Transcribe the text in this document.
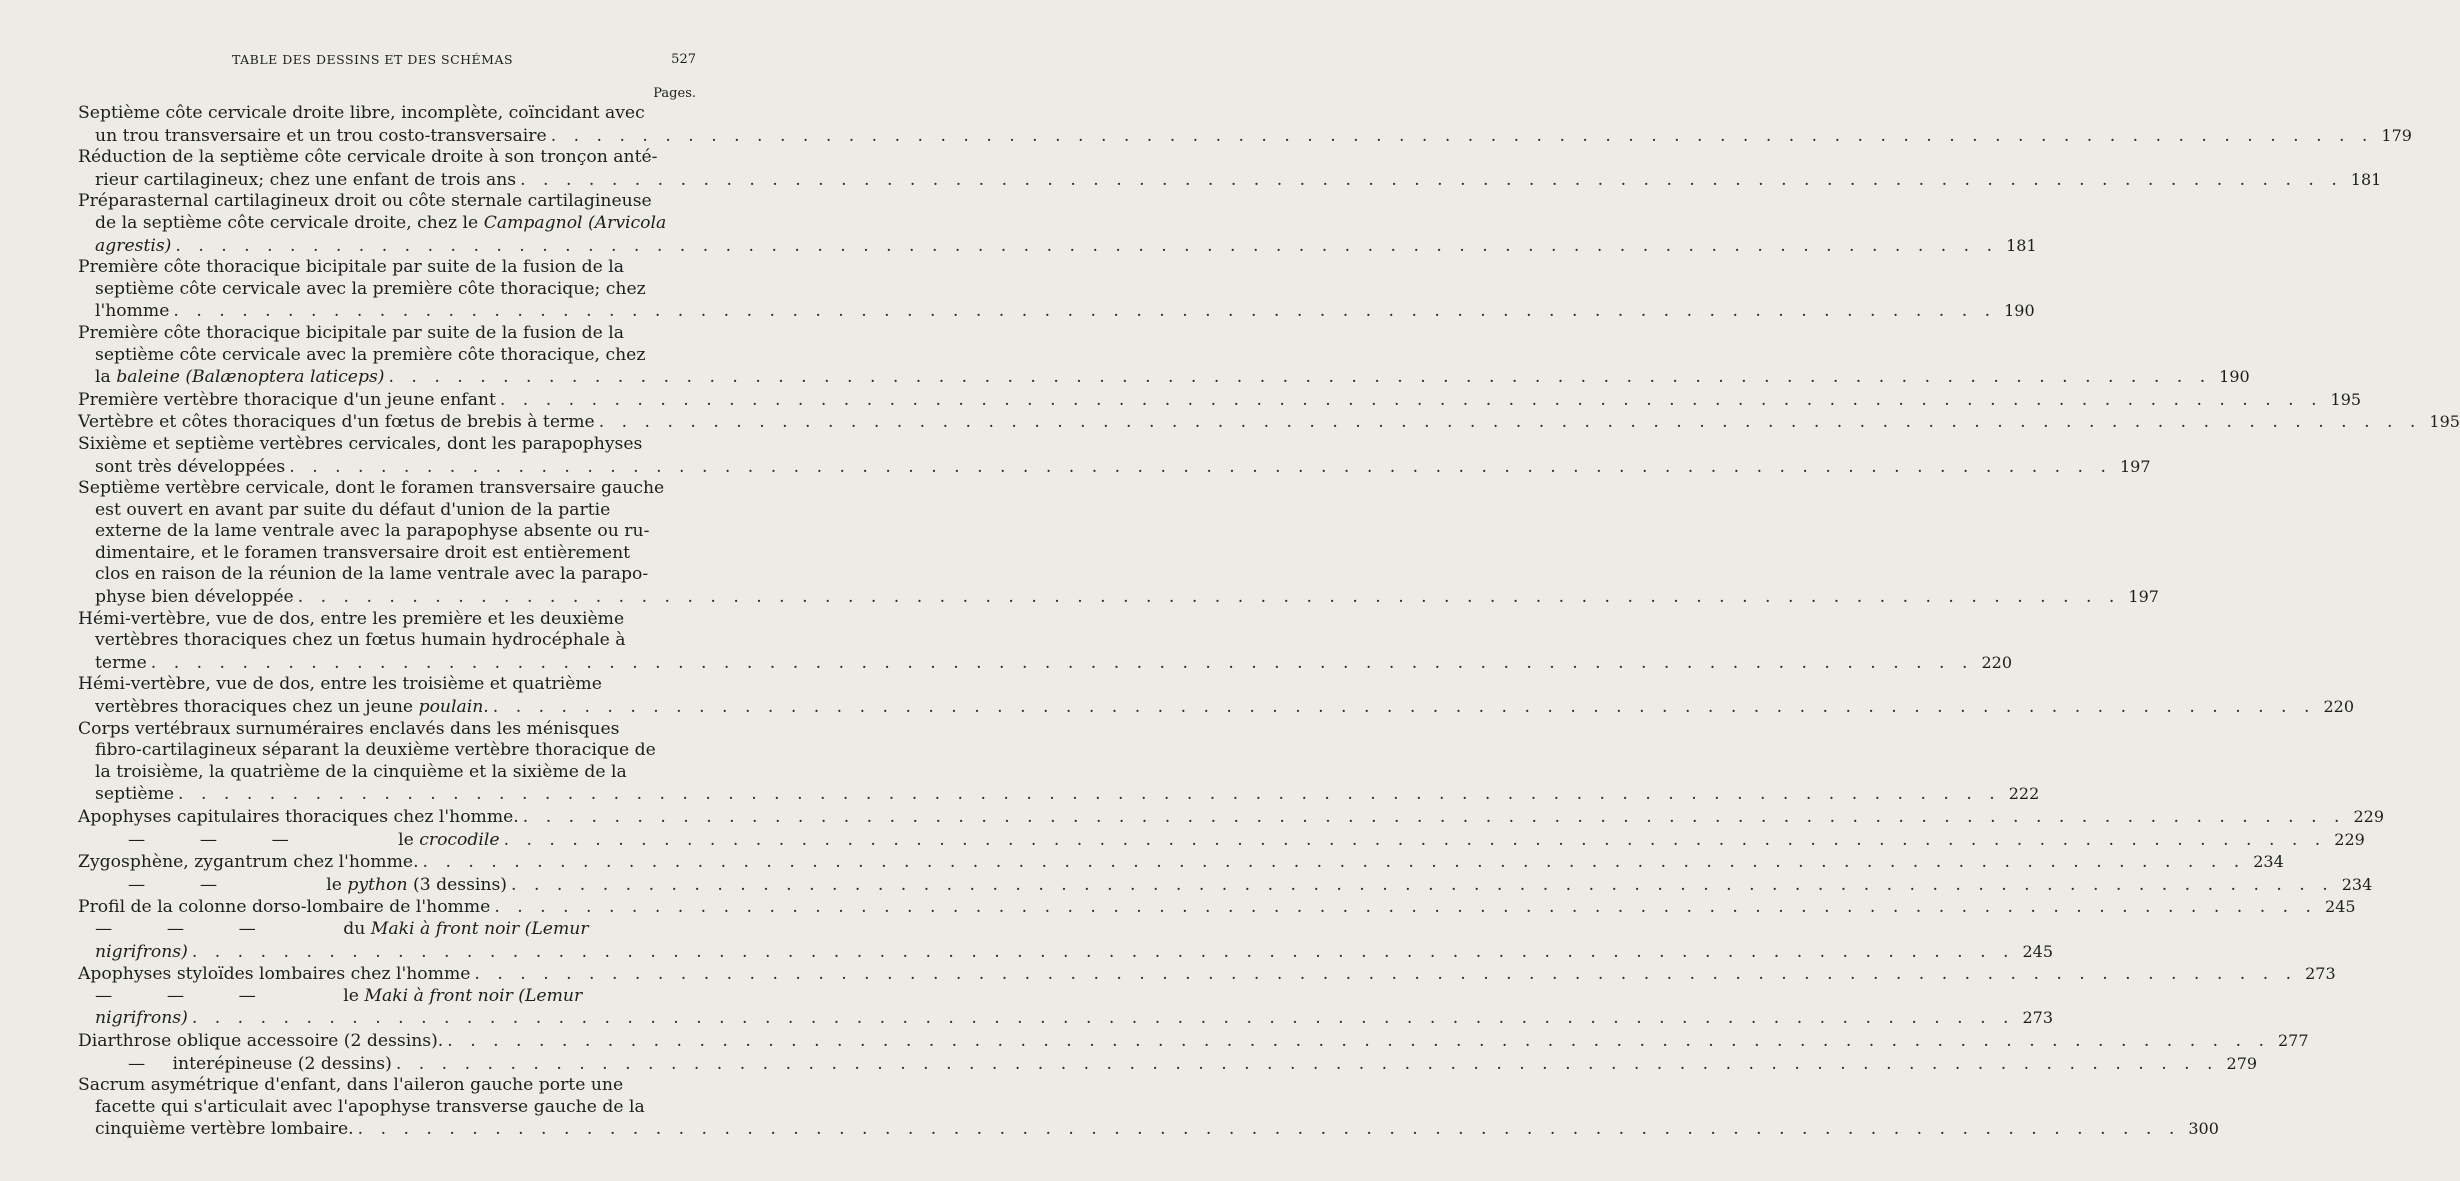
TABLE DES DESSINS ET DES SCHÉMAS	527
Pages.
Septième côte cervicale droite libre, incomplète, coïncidant avec
un trou transversaire et un trou costo-transversaire . . . . . . . . . . . . . . . . . . . . . . . . . . . . . . . . . . . . . . . . . . . . . . . . . . . . . . . . . . . . . . . . . . . . . . . . . . . . . . . . 179
Réduction de la septième côte cervicale droite à son tronçon anté-
rieur cartilagineux; chez une enfant de trois ans . . . . . . . . . . . . . . . . . . . . . . . . . . . . . . . . . . . . . . . . . . . . . . . . . . . . . . . . . . . . . . . . . . . . . . . . . . . . . . . . 181
Préparasternal cartilagineux droit ou côte sternale cartilagineuse
de la septième côte cervicale droite, chez le Campagnol (Arvicola
agrestis) . . . . . . . . . . . . . . . . . . . . . . . . . . . . . . . . . . . . . . . . . . . . . . . . . . . . . . . . . . . . . . . . . . . . . . . . . . . . . . . . 181
Première côte thoracique bicipitale par suite de la fusion de la
septième côte cervicale avec la première côte thoracique; chez
l'homme . . . . . . . . . . . . . . . . . . . . . . . . . . . . . . . . . . . . . . . . . . . . . . . . . . . . . . . . . . . . . . . . . . . . . . . . . . . . . . . . 190
Première côte thoracique bicipitale par suite de la fusion de la
septième côte cervicale avec la première côte thoracique, chez
la baleine (Balænoptera laticeps) . . . . . . . . . . . . . . . . . . . . . . . . . . . . . . . . . . . . . . . . . . . . . . . . . . . . . . . . . . . . . . . . . . . . . . . . . . . . . . . . 190
Première vertèbre thoracique d'un jeune enfant . . . . . . . . . . . . . . . . . . . . . . . . . . . . . . . . . . . . . . . . . . . . . . . . . . . . . . . . . . . . . . . . . . . . . . . . . . . . . . . . 195
Vertèbre et côtes thoraciques d'un fœtus de brebis à terme . . . . . . . . . . . . . . . . . . . . . . . . . . . . . . . . . . . . . . . . . . . . . . . . . . . . . . . . . . . . . . . . . . . . . . . . . . . . . . . . 195
Sixième et septième vertèbres cervicales, dont les parapophyses
sont très développées . . . . . . . . . . . . . . . . . . . . . . . . . . . . . . . . . . . . . . . . . . . . . . . . . . . . . . . . . . . . . . . . . . . . . . . . . . . . . . . . 197
Septième vertèbre cervicale, dont le foramen transversaire gauche
est ouvert en avant par suite du défaut d'union de la partie
externe de la lame ventrale avec la parapophyse absente ou ru-
dimentaire, et le foramen transversaire droit est entièrement
clos en raison de la réunion de la lame ventrale avec la parapo-
physe bien développée . . . . . . . . . . . . . . . . . . . . . . . . . . . . . . . . . . . . . . . . . . . . . . . . . . . . . . . . . . . . . . . . . . . . . . . . . . . . . . . . 197
Hémi-vertèbre, vue de dos, entre les première et les deuxième
vertèbres thoraciques chez un fœtus humain hydrocéphale à
terme . . . . . . . . . . . . . . . . . . . . . . . . . . . . . . . . . . . . . . . . . . . . . . . . . . . . . . . . . . . . . . . . . . . . . . . . . . . . . . . . 220
Hémi-vertèbre, vue de dos, entre les troisième et quatrième
vertèbres thoraciques chez un jeune poulain. . . . . . . . . . . . . . . . . . . . . . . . . . . . . . . . . . . . . . . . . . . . . . . . . . . . . . . . . . . . . . . . . . . . . . . . . . . . . . . . . 220
Corps vertébraux surnuméraires enclavés dans les ménisques
fibro-cartilagineux séparant la deuxième vertèbre thoracique de
la troisième, la quatrième de la cinquième et la sixième de la
septième . . . . . . . . . . . . . . . . . . . . . . . . . . . . . . . . . . . . . . . . . . . . . . . . . . . . . . . . . . . . . . . . . . . . . . . . . . . . . . . . 222
Apophyses capitulaires thoraciques chez l'homme. . . . . . . . . . . . . . . . . . . . . . . . . . . . . . . . . . . . . . . . . . . . . . . . . . . . . . . . . . . . . . . . . . . . . . . . . . . . . . . . . 229
—          —          —                    le crocodile . . . . . . . . . . . . . . . . . . . . . . . . . . . . . . . . . . . . . . . . . . . . . . . . . . . . . . . . . . . . . . . . . . . . . . . . . . . . . . . . 229
Zygosphène, zygantrum chez l'homme. . . . . . . . . . . . . . . . . . . . . . . . . . . . . . . . . . . . . . . . . . . . . . . . . . . . . . . . . . . . . . . . . . . . . . . . . . . . . . . . . 234
—          —                    le python (3 dessins) . . . . . . . . . . . . . . . . . . . . . . . . . . . . . . . . . . . . . . . . . . . . . . . . . . . . . . . . . . . . . . . . . . . . . . . . . . . . . . . . 234
Profil de la colonne dorso-lombaire de l'homme . . . . . . . . . . . . . . . . . . . . . . . . . . . . . . . . . . . . . . . . . . . . . . . . . . . . . . . . . . . . . . . . . . . . . . . . . . . . . . . . 245
—          —          —                du Maki à front noir (Lemur
nigrifrons) . . . . . . . . . . . . . . . . . . . . . . . . . . . . . . . . . . . . . . . . . . . . . . . . . . . . . . . . . . . . . . . . . . . . . . . . . . . . . . . . 245
Apophyses styloïdes lombaires chez l'homme . . . . . . . . . . . . . . . . . . . . . . . . . . . . . . . . . . . . . . . . . . . . . . . . . . . . . . . . . . . . . . . . . . . . . . . . . . . . . . . . 273
—          —          —                le Maki à front noir (Lemur
nigrifrons) . . . . . . . . . . . . . . . . . . . . . . . . . . . . . . . . . . . . . . . . . . . . . . . . . . . . . . . . . . . . . . . . . . . . . . . . . . . . . . . . 273
Diarthrose oblique accessoire (2 dessins). . . . . . . . . . . . . . . . . . . . . . . . . . . . . . . . . . . . . . . . . . . . . . . . . . . . . . . . . . . . . . . . . . . . . . . . . . . . . . . . . 277
—     interépineuse (2 dessins) . . . . . . . . . . . . . . . . . . . . . . . . . . . . . . . . . . . . . . . . . . . . . . . . . . . . . . . . . . . . . . . . . . . . . . . . . . . . . . . . 279
Sacrum asymétrique d'enfant, dans l'aileron gauche porte une
facette qui s'articulait avec l'apophyse transverse gauche de la
cinquième vertèbre lombaire. . . . . . . . . . . . . . . . . . . . . . . . . . . . . . . . . . . . . . . . . . . . . . . . . . . . . . . . . . . . . . . . . . . . . . . . . . . . . . . . . 300
